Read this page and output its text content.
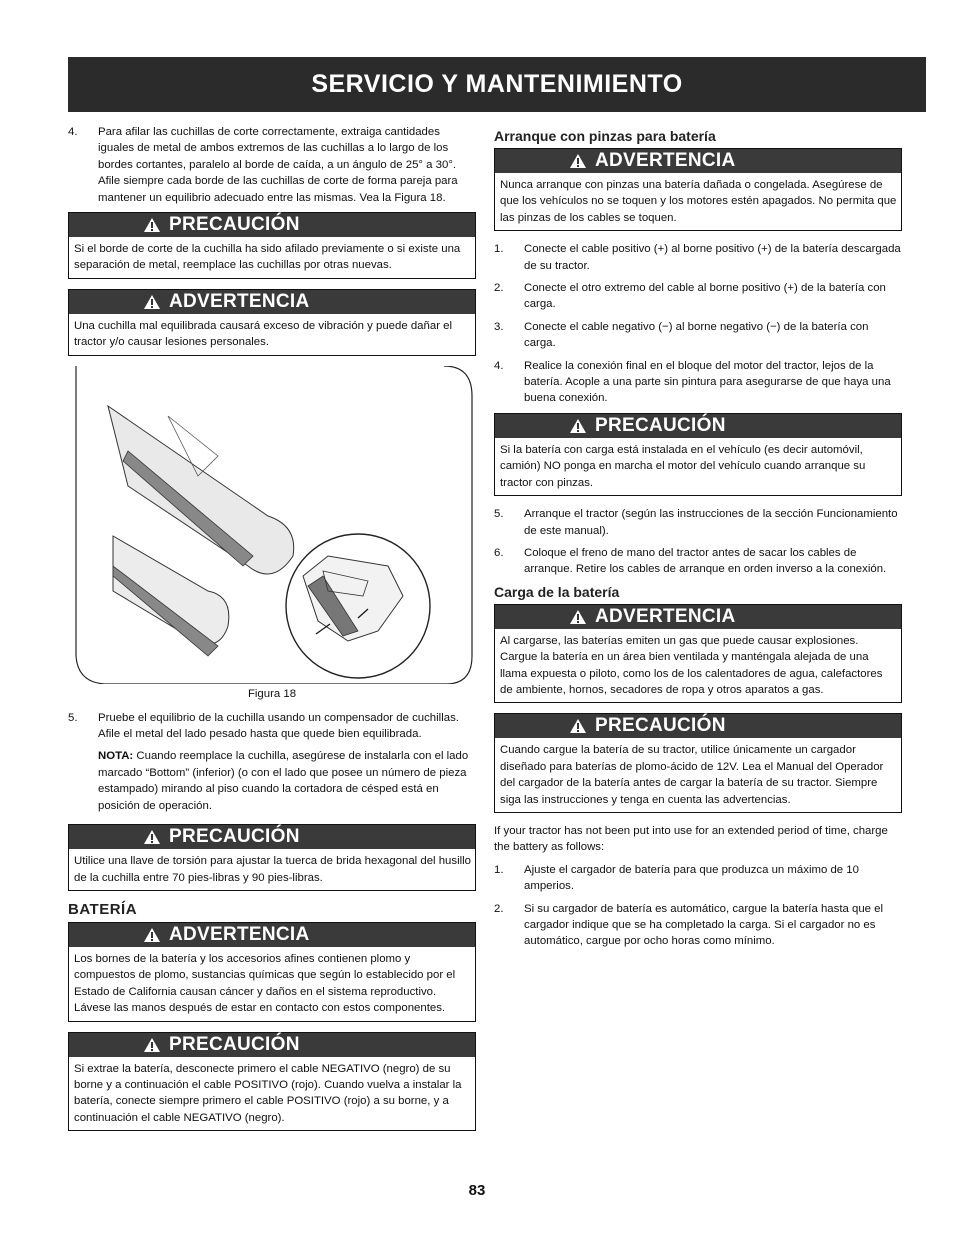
SERVICIO Y MANTENIMIENTO
4.	Para afilar las cuchillas de corte correctamente, extraiga cantidades iguales de metal de ambos extremos de las cuchillas a lo largo de los bordes cortantes, paralelo al borde de caída, a un ángulo de 25° a 30°. Afile siempre cada borde de las cuchillas de corte de forma pareja para mantener un equilibrio adecuado entre las mismas. Vea la Figura 18.
PRECAUCIÓN
Si el borde de corte de la cuchilla ha sido afilado previamente o si existe una separación de metal, reemplace las cuchillas por otras nuevas.
ADVERTENCIA
Una cuchilla mal equilibrada causará exceso de vibración y puede dañar el tractor y/o causar lesiones personales.
Figura 18
5.	Pruebe el equilibrio de la cuchilla usando un compensador de cuchillas. Afile el metal del lado pesado hasta que quede bien equilibrada.
NOTA: Cuando reemplace la cuchilla, asegúrese de instalarla con el lado marcado “Bottom” (inferior) (o con el lado que posee un número de pieza estampado) mirando al piso cuando la cortadora de césped está en posición de operación.
PRECAUCIÓN
Utilice una llave de torsión para ajustar la tuerca de brida hexagonal del husillo de la cuchilla entre 70 pies-libras y 90 pies-libras.
BATERÍA
ADVERTENCIA
Los bornes de la batería y los accesorios afines contienen plomo y compuestos de plomo, sustancias químicas que según lo establecido por el Estado de California causan cáncer y daños en el sistema reproductivo. Lávese las manos después de estar en contacto con estos componentes.
PRECAUCIÓN
Si extrae la batería, desconecte primero el cable NEGATIVO (negro) de su borne y a continuación el cable POSITIVO (rojo). Cuando vuelva a instalar la batería, conecte siempre primero el cable POSITIVO (rojo) a su borne, y a continuación el cable NEGATIVO (negro).
Arranque con pinzas para batería
ADVERTENCIA
Nunca arranque con pinzas una batería dañada o congelada. Asegúrese de que los vehículos no se toquen y los motores estén apagados. No permita que las pinzas de los cables se toquen.
1.	Conecte el cable positivo (+) al borne positivo (+) de la batería descargada de su tractor.
2.	Conecte el otro extremo del cable al borne positivo (+) de la batería con carga.
3.	Conecte el cable negativo (−) al borne negativo (−) de la batería con carga.
4.	Realice la conexión final en el bloque del motor del tractor, lejos de la batería. Acople a una parte sin pintura para asegurarse de que haya una buena conexión.
PRECAUCIÓN
Si la batería con carga está instalada en el vehículo (es decir automóvil, camión) NO ponga en marcha el motor del vehículo cuando arranque su tractor con pinzas.
5.	Arranque el tractor (según las instrucciones de la sección Funcionamiento de este manual).
6.	Coloque el freno de mano del tractor antes de sacar los cables de arranque. Retire los cables de arranque en orden inverso a la conexión.
Carga de la batería
ADVERTENCIA
Al cargarse, las baterías emiten un gas que puede causar explosiones. Cargue la batería en un área bien ventilada y manténgala alejada de una llama expuesta o piloto, como los de los calentadores de agua, calefactores de ambiente, hornos, secadores de ropa y otros aparatos a gas.
PRECAUCIÓN
Cuando cargue la batería de su tractor, utilice únicamente un cargador diseñado para baterías de plomo-ácido de 12V. Lea el Manual del Operador del cargador de la batería antes de cargar la batería de su tractor. Siempre siga las instrucciones y tenga en cuenta las advertencias.
If your tractor has not been put into use for an extended period of time, charge the battery as follows:
1.	Ajuste el cargador de batería para que produzca un máximo de 10 amperios.
2.	Si su cargador de batería es automático, cargue la batería hasta que el cargador indique que se ha completado la carga. Si el cargador no es automático, cargue por ocho horas como mínimo.
83
